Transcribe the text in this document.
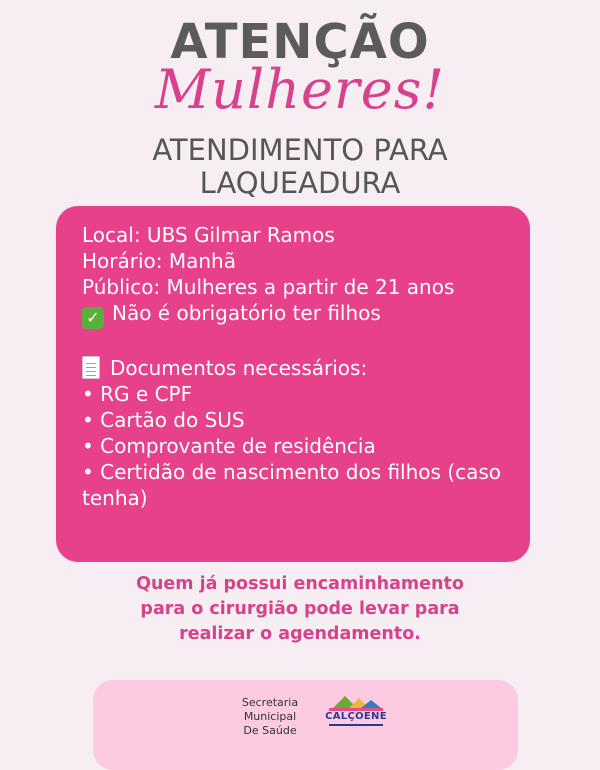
ATENÇÃO
Mulheres!
ATENDIMENTO PARA
LAQUEADURA
Local: UBS Gilmar Ramos
Horário: Manhã
Público: Mulheres a partir de 21 anos
✓ Não é obrigatório ter filhos
Documentos necessários:
• RG e CPF
• Cartão do SUS
• Comprovante de residência
• Certidão de nascimento dos filhos (caso tenha)
Quem já possui encaminhamento
para o cirurgião pode levar para
realizar o agendamento.
Secretaria
Municipal
De Saúde
CALÇOENE
